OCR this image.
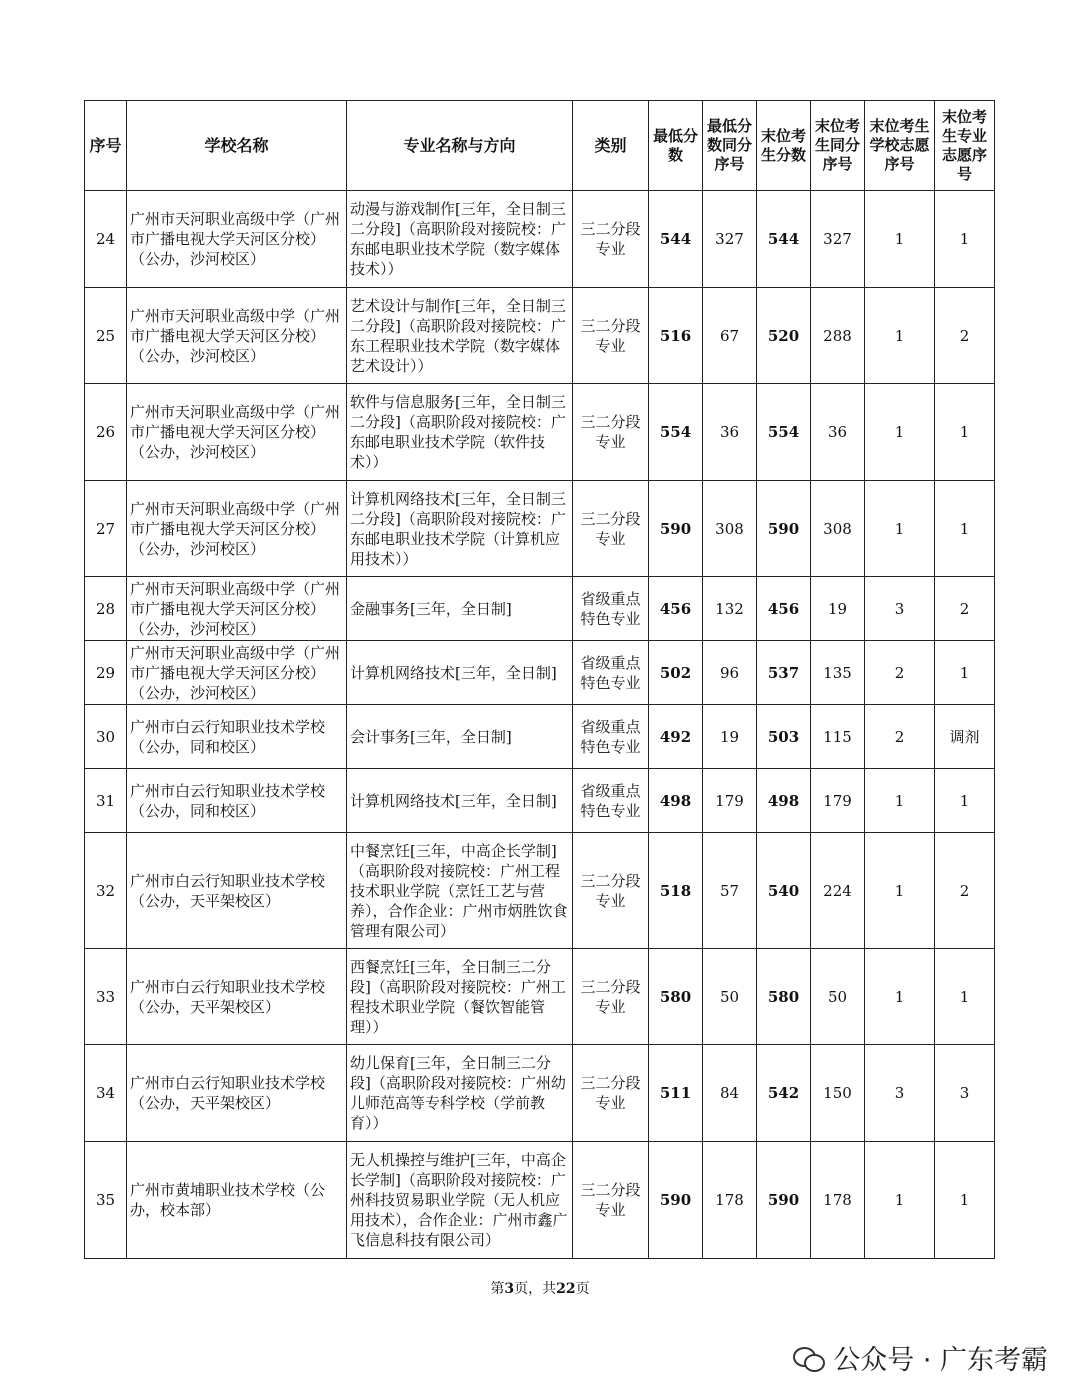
序号	学校名称	专业名称与方向	类别	最低分数	最低分数同分序号	末位考生分数	末位考生同分序号	末位考生学校志愿序号	末位考生专业志愿序号
24	广州市天河职业高级中学（广州市广播电视大学天河区分校）（公办，沙河校区）	动漫与游戏制作[三年，全日制三二分段]（高职阶段对接院校：广东邮电职业技术学院（数字媒体技术））	三二分段专业	544	327	544	327	1	1
25	广州市天河职业高级中学（广州市广播电视大学天河区分校）（公办，沙河校区）	艺术设计与制作[三年，全日制三二分段]（高职阶段对接院校：广东工程职业技术学院（数字媒体艺术设计））	三二分段专业	516	67	520	288	1	2
26	广州市天河职业高级中学（广州市广播电视大学天河区分校）（公办，沙河校区）	软件与信息服务[三年，全日制三二分段]（高职阶段对接院校：广东邮电职业技术学院（软件技术））	三二分段专业	554	36	554	36	1	1
27	广州市天河职业高级中学（广州市广播电视大学天河区分校）（公办，沙河校区）	计算机网络技术[三年，全日制三二分段]（高职阶段对接院校：广东邮电职业技术学院（计算机应用技术））	三二分段专业	590	308	590	308	1	1
28	广州市天河职业高级中学（广州市广播电视大学天河区分校）（公办，沙河校区）	金融事务[三年，全日制]	省级重点特色专业	456	132	456	19	3	2
29	广州市天河职业高级中学（广州市广播电视大学天河区分校）（公办，沙河校区）	计算机网络技术[三年，全日制]	省级重点特色专业	502	96	537	135	2	1
30	广州市白云行知职业技术学校（公办，同和校区）	会计事务[三年，全日制]	省级重点特色专业	492	19	503	115	2	调剂
31	广州市白云行知职业技术学校（公办，同和校区）	计算机网络技术[三年，全日制]	省级重点特色专业	498	179	498	179	1	1
32	广州市白云行知职业技术学校（公办，天平架校区）	中餐烹饪[三年，中高企长学制]（高职阶段对接院校：广州工程技术职业学院（烹饪工艺与营养），合作企业：广州市炳胜饮食管理有限公司）	三二分段专业	518	57	540	224	1	2
33	广州市白云行知职业技术学校（公办，天平架校区）	西餐烹饪[三年，全日制三二分段]（高职阶段对接院校：广州工程技术职业学院（餐饮智能管理））	三二分段专业	580	50	580	50	1	1
34	广州市白云行知职业技术学校（公办，天平架校区）	幼儿保育[三年，全日制三二分段]（高职阶段对接院校：广州幼儿师范高等专科学校（学前教育））	三二分段专业	511	84	542	150	3	3
35	广州市黄埔职业技术学校（公办，校本部）	无人机操控与维护[三年，中高企长学制]（高职阶段对接院校：广州科技贸易职业学院（无人机应用技术），合作企业：广州市鑫广飞信息科技有限公司）	三二分段专业	590	178	590	178	1	1
第3页，共22页
公众号 · 广东考霸
